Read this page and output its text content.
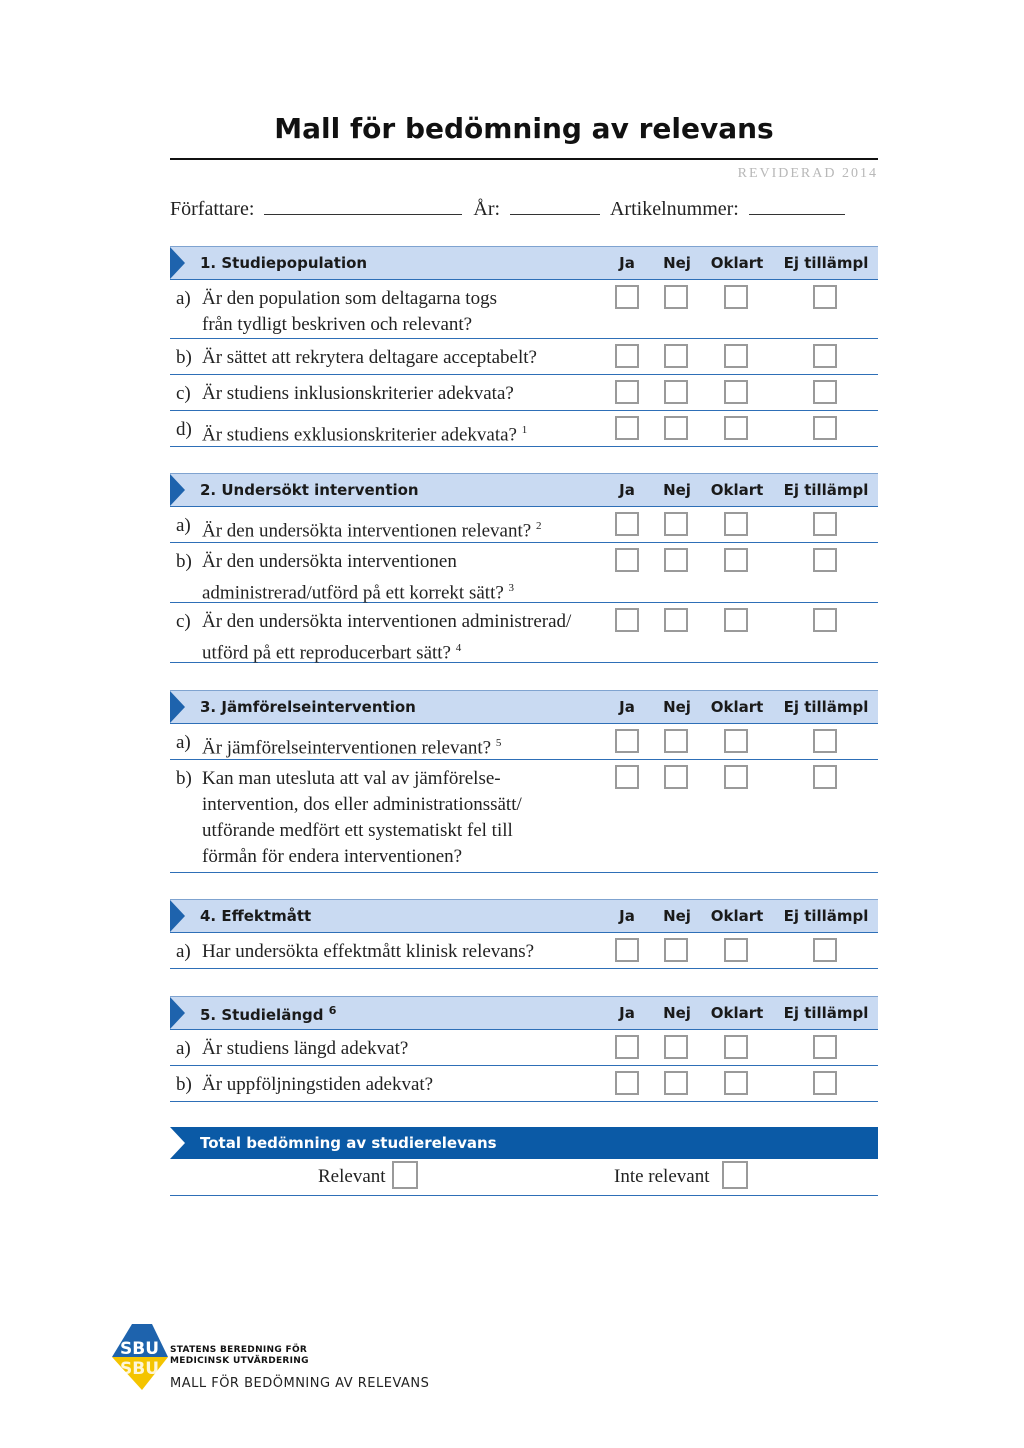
Mall för bedömning av relevans
REVIDERAD 2014
Författare:	År:	Artikelnummer:
1. Studiepopulation	Ja	Nej	Oklart	Ej tillämpl
a) Är den population som deltagarna togs från tydligt beskriven och relevant?
b) Är sättet att rekrytera deltagare acceptabelt?
c) Är studiens inklusionskriterier adekvata?
d) Är studiens exklusionskriterier adekvata? $^1$
2. Undersökt intervention	Ja	Nej	Oklart	Ej tillämpl
a) Är den undersökta interventionen relevant? $^2$
b) Är den undersökta interventionen administrerad/utförd på ett korrekt sätt? $^3$
c) Är den undersökta interventionen administrerad/ utförd på ett reproducerbart sätt? $^4$
3. Jämförelseintervention	Ja	Nej	Oklart	Ej tillämpl
a) Är jämförelseinterventionen relevant? $^5$
b) Kan man utesluta att val av jämförelse-intervention, dos eller administrationssätt/ utförande medfört ett systematiskt fel till förmån för endera interventionen?
4. Effektmått	Ja	Nej	Oklart	Ej tillämpl
a) Har undersökta effektmått klinisk relevans?
5. Studielängd $^6$	Ja	Nej	Oklart	Ej tillämpl
a) Är studiens längd adekvat?
b) Är uppföljningstiden adekvat?
Total bedömning av studierelevans
Relevant	Inte relevant
SBU
SBU
STATENS BEREDNING FÖR
MEDICINSK UTVÄRDERING
MALL FÖR BEDÖMNING AV RELEVANS
